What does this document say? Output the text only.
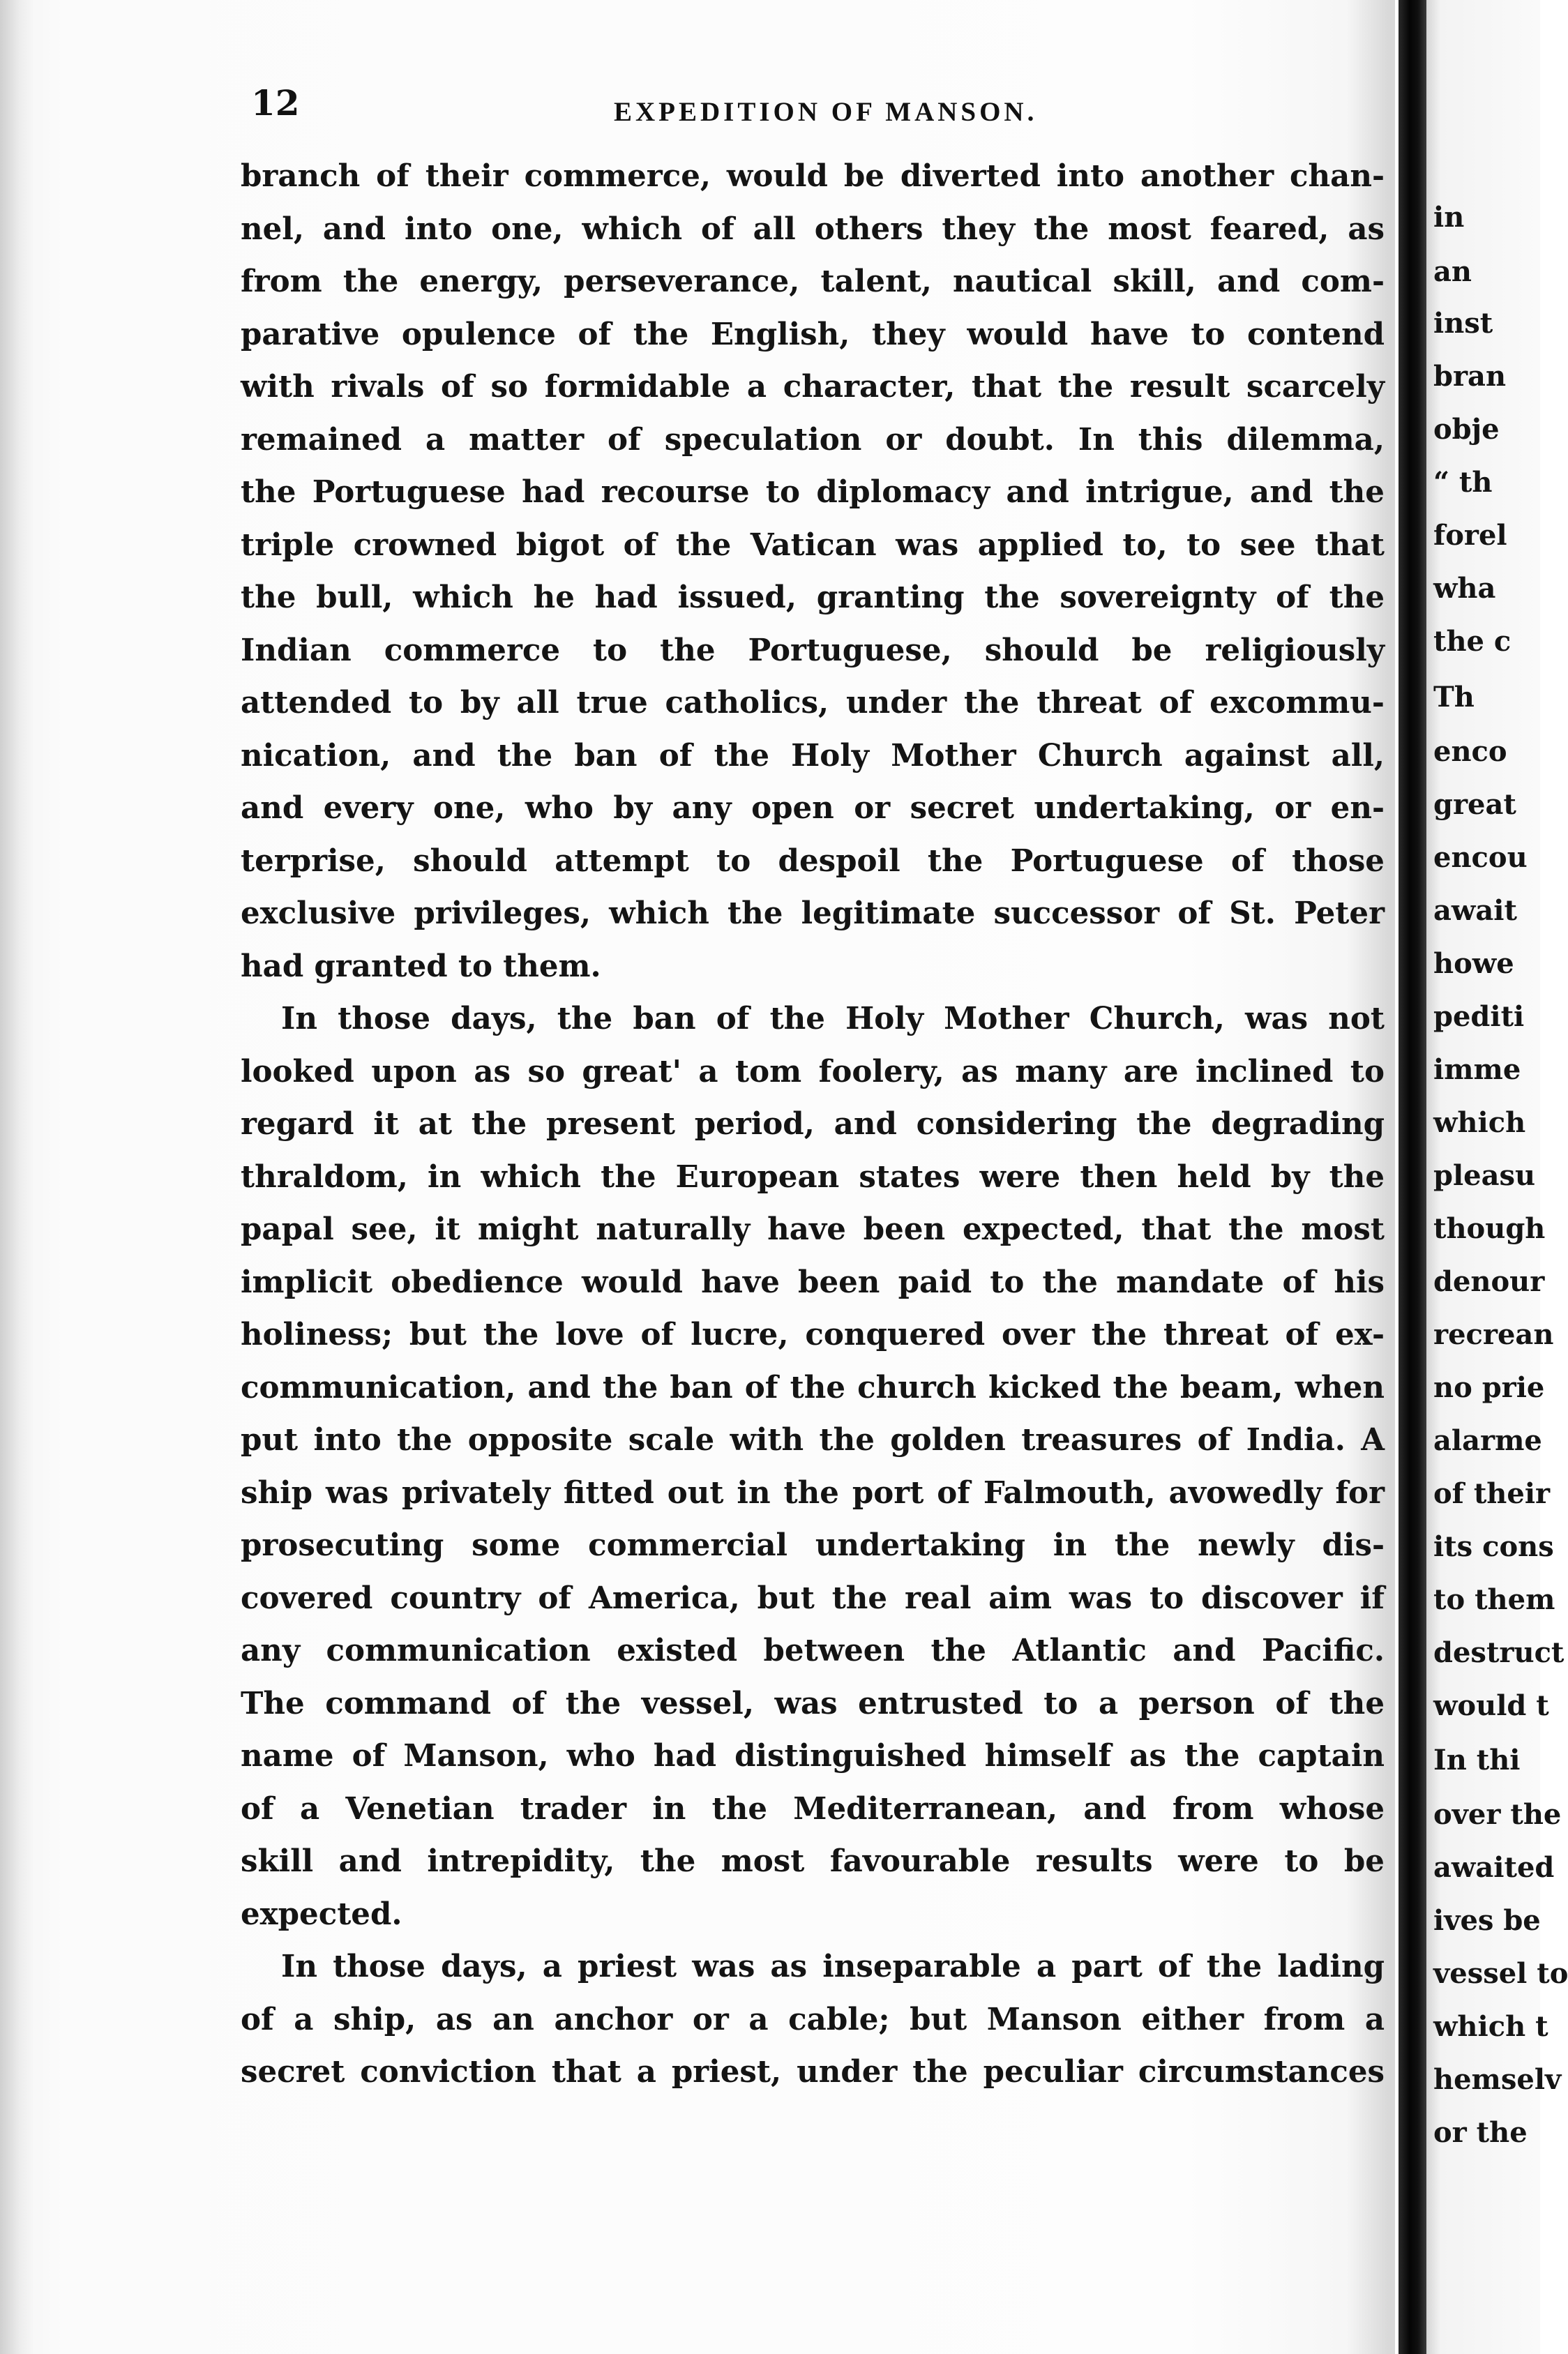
12	EXPEDITION OF MANSON.
branch of their commerce, would be diverted into another chan-
nel, and into one, which of all others they the most feared, as
from the energy, perseverance, talent, nautical skill, and com-
parative opulence of the English, they would have to contend
with rivals of so formidable a character, that the result scarcely
remained a matter of speculation or doubt. In this dilemma,
the Portuguese had recourse to diplomacy and intrigue, and the
triple crowned bigot of the Vatican was applied to, to see that
the bull, which he had issued, granting the sovereignty of the
Indian commerce to the Portuguese, should be religiously
attended to by all true catholics, under the threat of excommu-
nication, and the ban of the Holy Mother Church against all,
and every one, who by any open or secret undertaking, or en-
terprise, should attempt to despoil the Portuguese of those
exclusive privileges, which the legitimate successor of St. Peter
had granted to them.
In those days, the ban of the Holy Mother Church, was not
looked upon as so great' a tom foolery, as many are inclined to
regard it at the present period, and considering the degrading
thraldom, in which the European states were then held by the
papal see, it might naturally have been expected, that the most
implicit obedience would have been paid to the mandate of his
holiness; but the love of lucre, conquered over the threat of ex-
communication, and the ban of the church kicked the beam, when
put into the opposite scale with the golden treasures of India. A
ship was privately fitted out in the port of Falmouth, avowedly for
prosecuting some commercial undertaking in the newly dis-
covered country of America, but the real aim was to discover if
any communication existed between the Atlantic and Pacific.
The command of the vessel, was entrusted to a person of the
name of Manson, who had distinguished himself as the captain
of a Venetian trader in the Mediterranean, and from whose
skill and intrepidity, the most favourable results were to be
expected.
In those days, a priest was as inseparable a part of the lading
of a ship, as an anchor or a cable; but Manson either from a
secret conviction that a priest, under the peculiar circumstances
in
an
inst
bran
obje
“ th
forel
wha
the c
Th
enco
great
encou
await
howe
pediti
imme
which
pleasu
though
denour
recrean
no prie
alarme
of their
its cons
to them
destruct
would t
In thi
over the
awaited
ives be
vessel to
which t
hemselv
or the
